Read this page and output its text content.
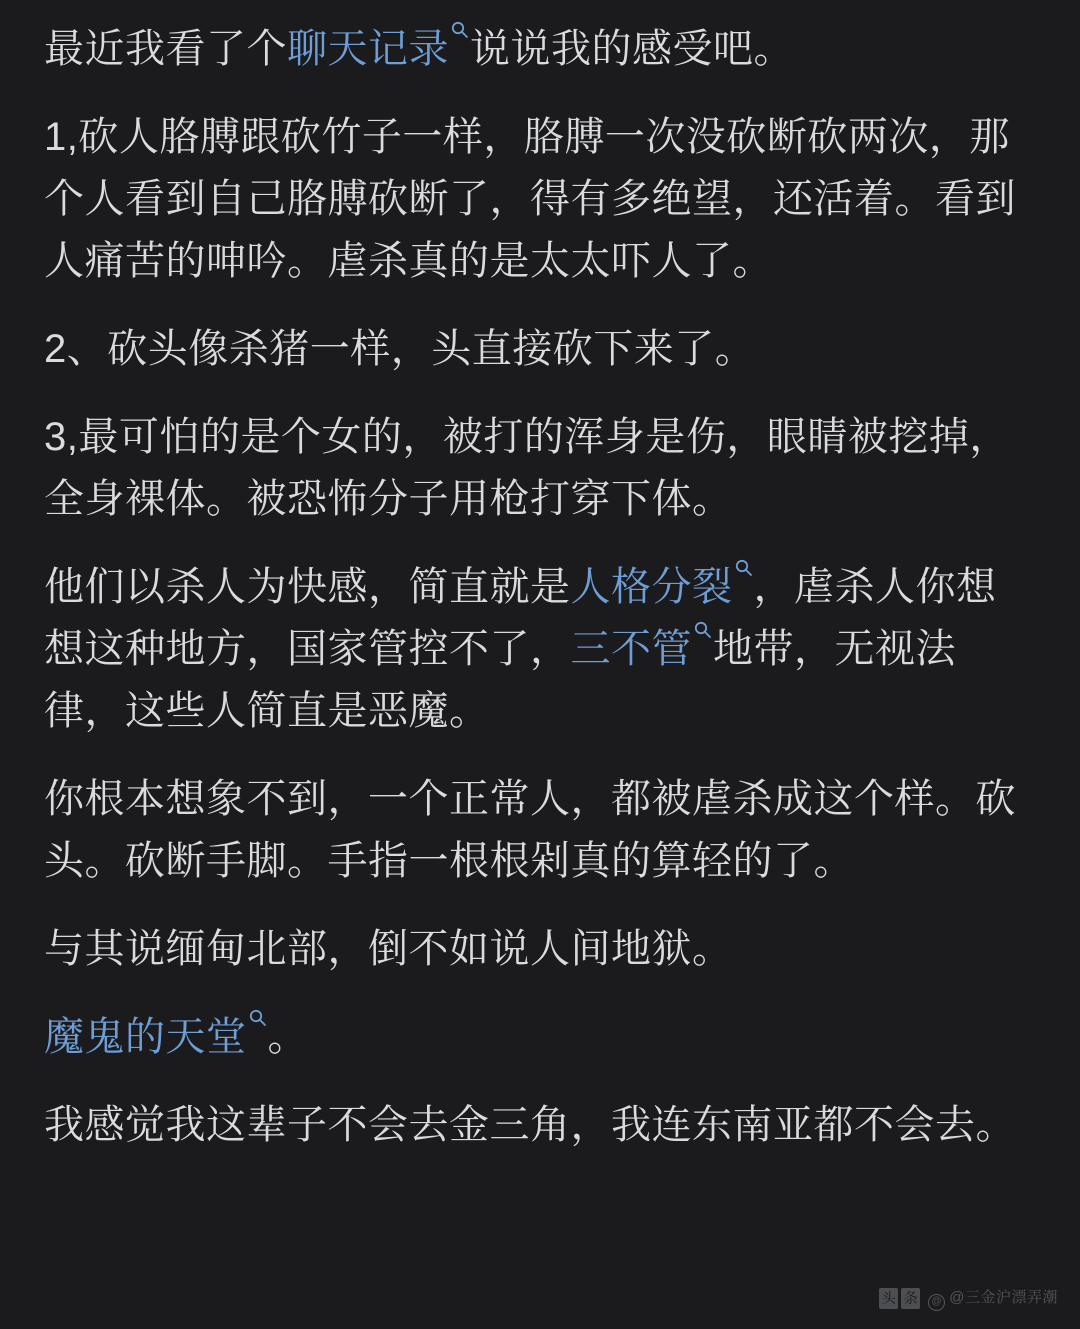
最近我看了个聊天记录 说说我的感受吧。

1,砍人胳膊跟砍竹子一样，胳膊一次没砍断砍两次，那个人看到自己胳膊砍断了，得有多绝望，还活着。看到人痛苦的呻吟。虐杀真的是太太吓人了。

2、砍头像杀猪一样，头直接砍下来了。

3,最可怕的是个女的，被打的浑身是伤，眼睛被挖掉，全身裸体。被恐怖分子用枪打穿下体。

他们以杀人为快感，简直就是人格分裂 ，虐杀人你想想这种地方，国家管控不了，三不管 地带，无视法律，这些人简直是恶魔。

你根本想象不到，一个正常人，都被虐杀成这个样。砍头。砍断手脚。手指一根根剁真的算轻的了。

与其说缅甸北部，倒不如说人间地狱。

魔鬼的天堂 。

我感觉我这辈子不会去金三角，我连东南亚都不会去。

头 条	@ @三金沪漂弄潮
